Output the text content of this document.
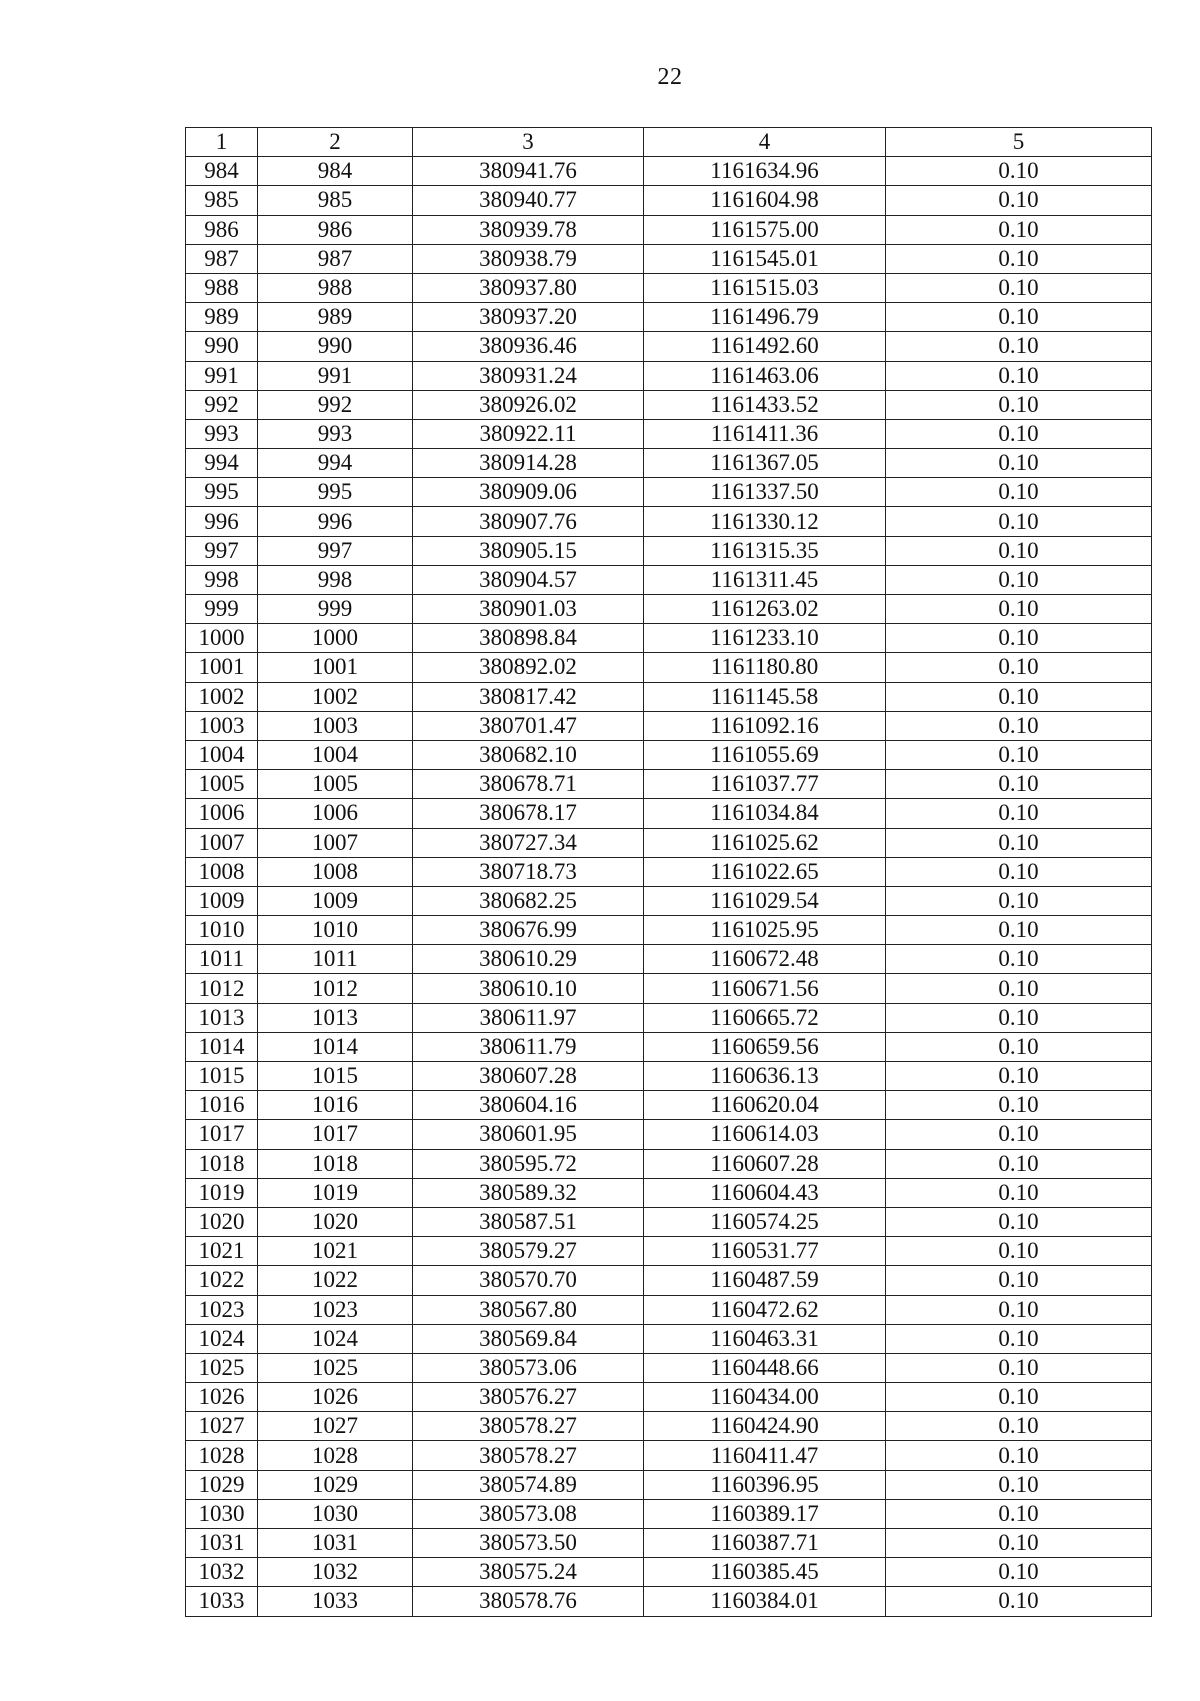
22
1	2	3	4	5
984	984	380941.76	1161634.96	0.10
985	985	380940.77	1161604.98	0.10
986	986	380939.78	1161575.00	0.10
987	987	380938.79	1161545.01	0.10
988	988	380937.80	1161515.03	0.10
989	989	380937.20	1161496.79	0.10
990	990	380936.46	1161492.60	0.10
991	991	380931.24	1161463.06	0.10
992	992	380926.02	1161433.52	0.10
993	993	380922.11	1161411.36	0.10
994	994	380914.28	1161367.05	0.10
995	995	380909.06	1161337.50	0.10
996	996	380907.76	1161330.12	0.10
997	997	380905.15	1161315.35	0.10
998	998	380904.57	1161311.45	0.10
999	999	380901.03	1161263.02	0.10
1000	1000	380898.84	1161233.10	0.10
1001	1001	380892.02	1161180.80	0.10
1002	1002	380817.42	1161145.58	0.10
1003	1003	380701.47	1161092.16	0.10
1004	1004	380682.10	1161055.69	0.10
1005	1005	380678.71	1161037.77	0.10
1006	1006	380678.17	1161034.84	0.10
1007	1007	380727.34	1161025.62	0.10
1008	1008	380718.73	1161022.65	0.10
1009	1009	380682.25	1161029.54	0.10
1010	1010	380676.99	1161025.95	0.10
1011	1011	380610.29	1160672.48	0.10
1012	1012	380610.10	1160671.56	0.10
1013	1013	380611.97	1160665.72	0.10
1014	1014	380611.79	1160659.56	0.10
1015	1015	380607.28	1160636.13	0.10
1016	1016	380604.16	1160620.04	0.10
1017	1017	380601.95	1160614.03	0.10
1018	1018	380595.72	1160607.28	0.10
1019	1019	380589.32	1160604.43	0.10
1020	1020	380587.51	1160574.25	0.10
1021	1021	380579.27	1160531.77	0.10
1022	1022	380570.70	1160487.59	0.10
1023	1023	380567.80	1160472.62	0.10
1024	1024	380569.84	1160463.31	0.10
1025	1025	380573.06	1160448.66	0.10
1026	1026	380576.27	1160434.00	0.10
1027	1027	380578.27	1160424.90	0.10
1028	1028	380578.27	1160411.47	0.10
1029	1029	380574.89	1160396.95	0.10
1030	1030	380573.08	1160389.17	0.10
1031	1031	380573.50	1160387.71	0.10
1032	1032	380575.24	1160385.45	0.10
1033	1033	380578.76	1160384.01	0.10
